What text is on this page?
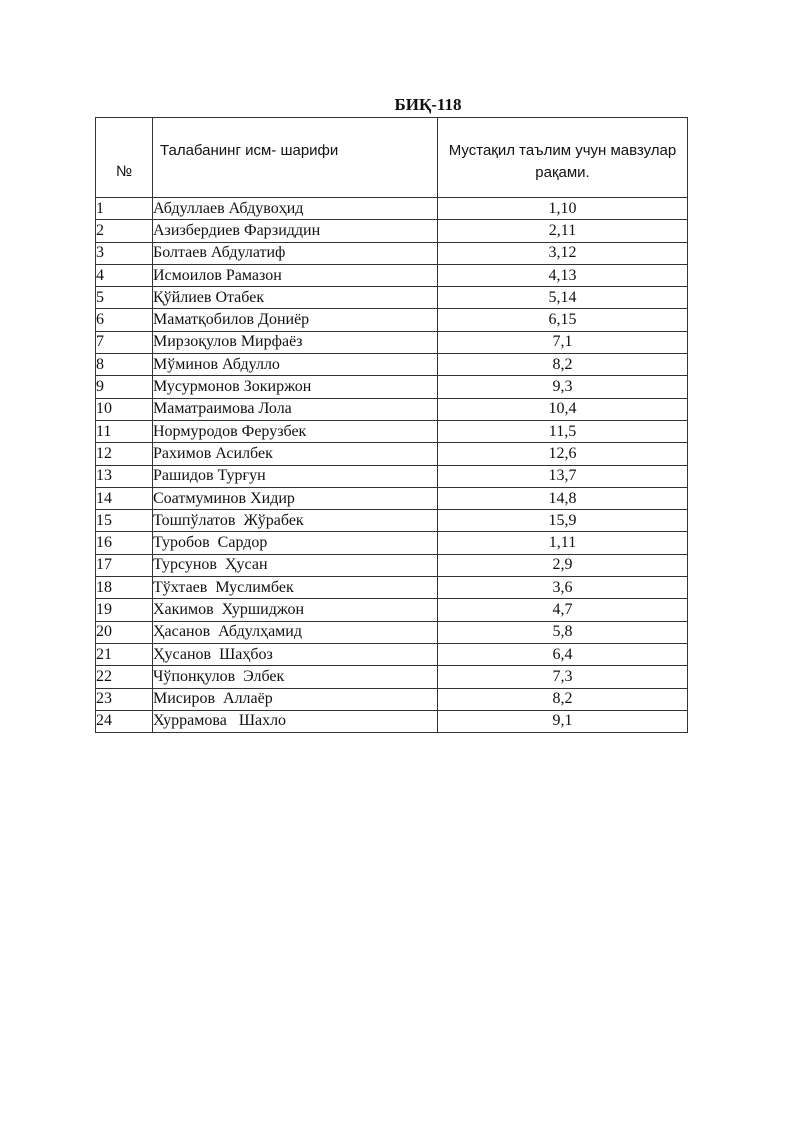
БИҚ-118
№	Талабанинг исм- шарифи	Мустақил таълим учун мавзулар рақами.

1	Абдуллаев Абдувоҳид	1,10
2	Азизбердиев Фарзиддин	2,11
3	Болтаев Абдулатиф	3,12
4	Исмоилов Рамазон	4,13
5	Қўйлиев Отабек	5,14
6	Маматқобилов Дониёр	6,15
7	Мирзоқулов Мирфаёз	7,1
8	Мўминов Абдулло	8,2
9	Мусурмонов Зокиржон	9,3
10	Маматраимова Лола	10,4
11	Нормуродов Ферузбек	11,5
12	Рахимов Асилбек	12,6
13	Рашидов Турғун	13,7
14	Соатмуминов Хидир	14,8
15	Тошпўлатов  Жўрабек	15,9
16	Туробов  Сардор	1,11
17	Турсунов  Ҳусан	2,9
18	Тўхтаев  Муслимбек	3,6
19	Хакимов  Хуршиджон	4,7
20	Ҳасанов  Абдулҳамид	5,8
21	Ҳусанов  Шаҳбоз	6,4
22	Чўпонқулов  Элбек	7,3
23	Мисиров  Аллаёр	8,2
24	Хуррамова   Шахло	9,1
